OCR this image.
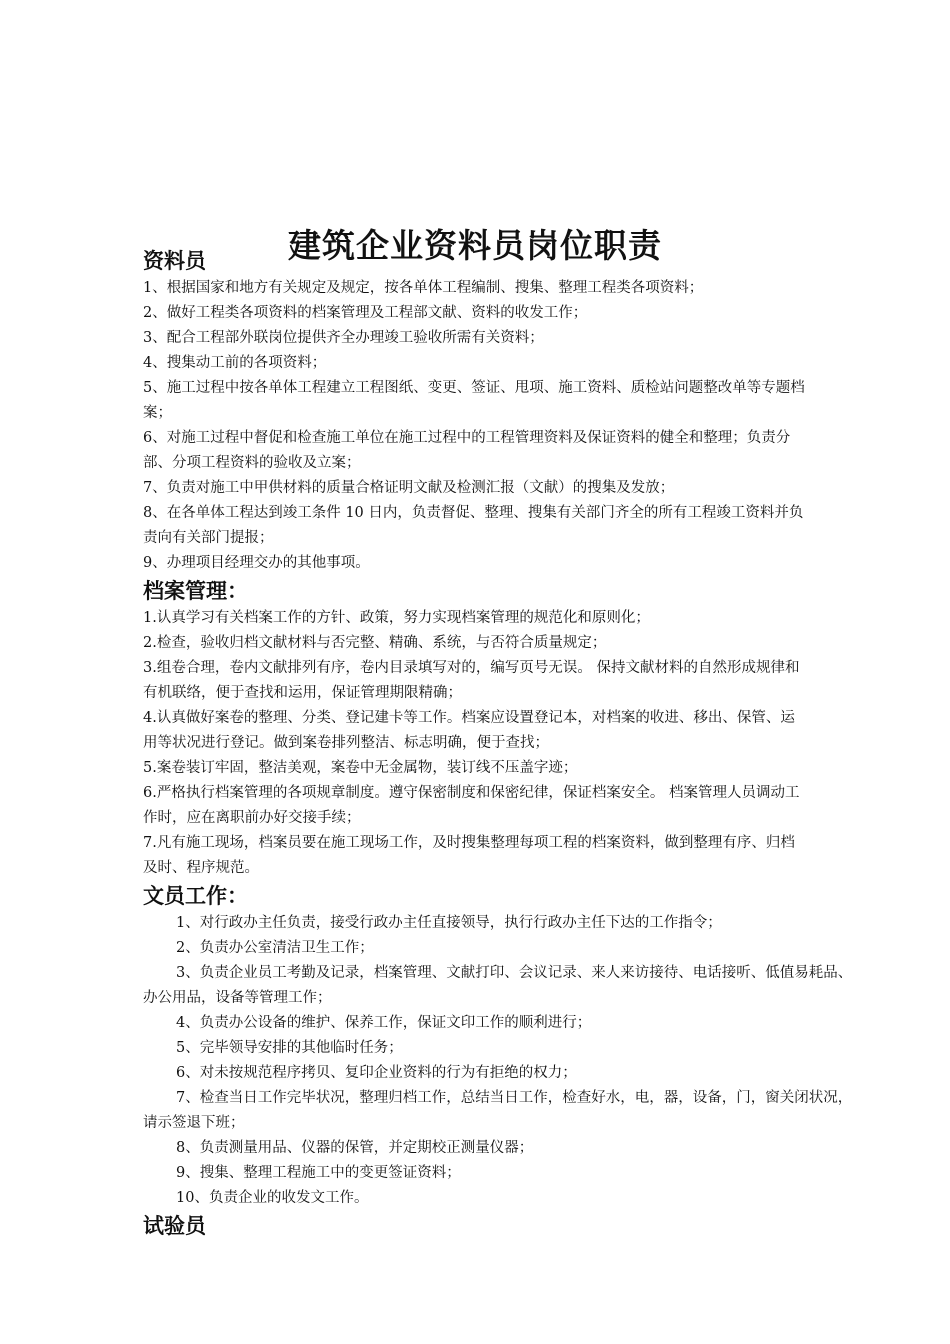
建筑企业资料员岗位职责
资料员
1、根据国家和地方有关规定及规定，按各单体工程编制、搜集、整理工程类各项资料；
2、做好工程类各项资料的档案管理及工程部文献、资料的收发工作；
3、配合工程部外联岗位提供齐全办理竣工验收所需有关资料；
4、搜集动工前的各项资料；
5、施工过程中按各单体工程建立工程图纸、变更、签证、甩项、施工资料、质检站问题整改单等专题档案；
6、对施工过程中督促和检查施工单位在施工过程中的工程管理资料及保证资料的健全和整理；负责分部、分项工程资料的验收及立案；
7、负责对施工中甲供材料的质量合格证明文献及检测汇报（文献）的搜集及发放；
8、在各单体工程达到竣工条件 10 日内，负责督促、整理、搜集有关部门齐全的所有工程竣工资料并负责向有关部门提报；
9、办理项目经理交办的其他事项。
档案管理：
1.认真学习有关档案工作的方针、政策，努力实现档案管理的规范化和原则化；
2.检查，验收归档文献材料与否完整、精确、系统，与否符合质量规定；
3.组卷合理，卷内文献排列有序，卷内目录填写对的，编写页号无误。 保持文献材料的自然形成规律和有机联络，便于查找和运用，保证管理期限精确；
4.认真做好案卷的整理、分类、登记建卡等工作。档案应设置登记本，对档案的收进、移出、保管、运用等状况进行登记。做到案卷排列整洁、标志明确，便于查找；
5.案卷装订牢固，整洁美观，案卷中无金属物，装订线不压盖字迹；
6.严格执行档案管理的各项规章制度。遵守保密制度和保密纪律，保证档案安全。 档案管理人员调动工作时，应在离职前办好交接手续；
7.凡有施工现场，档案员要在施工现场工作，及时搜集整理每项工程的档案资料，做到整理有序、归档及时、程序规范。
文员工作：
1、对行政办主任负责，接受行政办主任直接领导，执行行政办主任下达的工作指令；
2、负责办公室清洁卫生工作；
3、负责企业员工考勤及记录，档案管理、文献打印、会议记录、来人来访接待、电话接听、低值易耗品、办公用品，设备等管理工作；
4、负责办公设备的维护、保养工作，保证文印工作的顺利进行；
5、完毕领导安排的其他临时任务；
6、对未按规范程序拷贝、复印企业资料的行为有拒绝的权力；
7、检查当日工作完毕状况，整理归档工作，总结当日工作，检查好水，电，器，设备，门，窗关闭状况，请示签退下班；
8、负责测量用品、仪器的保管，并定期校正测量仪器；
9、搜集、整理工程施工中的变更签证资料；
10、负责企业的收发文工作。
试验员
